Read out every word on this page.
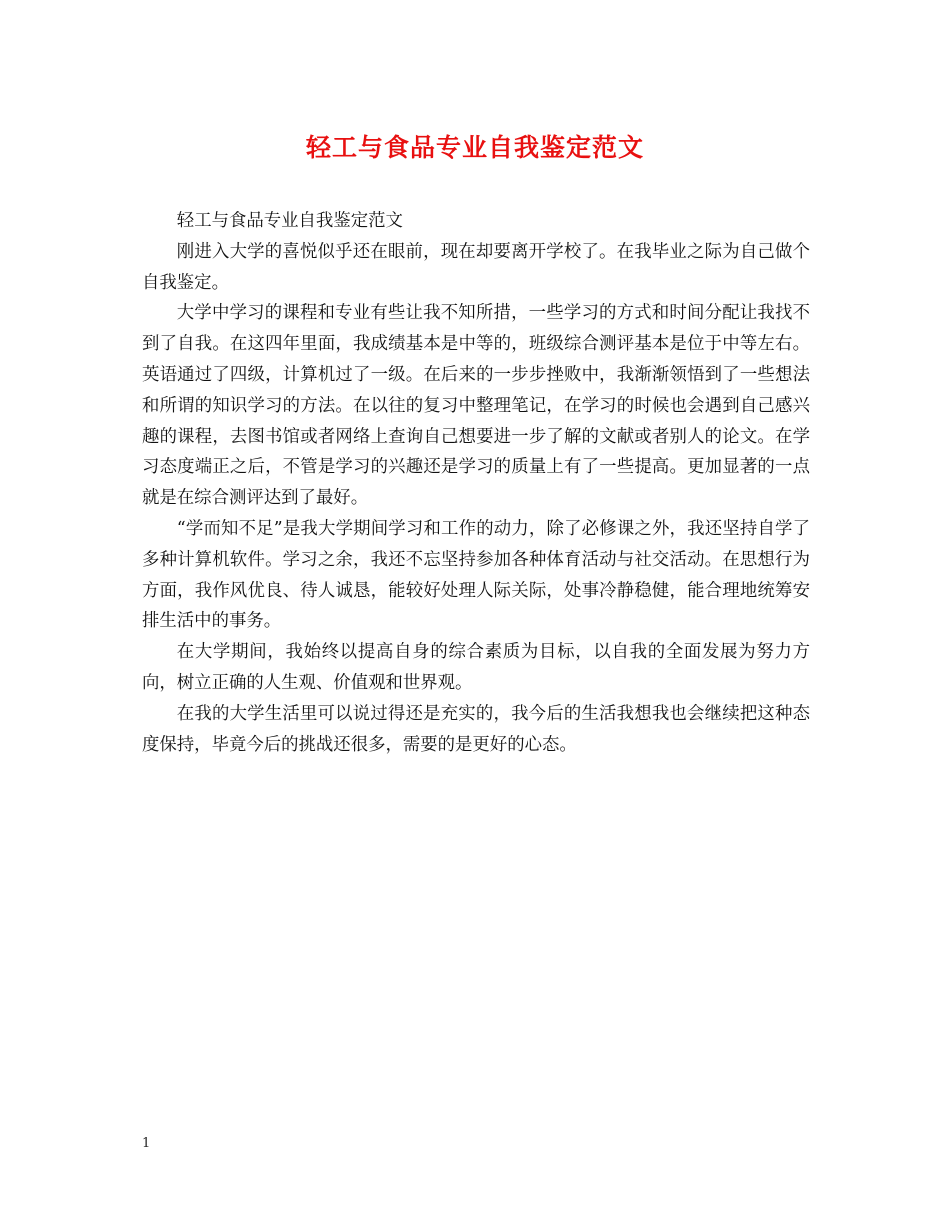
轻工与食品专业自我鉴定范文

轻工与食品专业自我鉴定范文

刚进入大学的喜悦似乎还在眼前，现在却要离开学校了。在我毕业之际为自己做个自我鉴定。

大学中学习的课程和专业有些让我不知所措，一些学习的方式和时间分配让我找不到了自我。在这四年里面，我成绩基本是中等的，班级综合测评基本是位于中等左右。英语通过了四级，计算机过了一级。在后来的一步步挫败中，我渐渐领悟到了一些想法和所谓的知识学习的方法。在以往的复习中整理笔记，在学习的时候也会遇到自己感兴趣的课程，去图书馆或者网络上查询自己想要进一步了解的文献或者别人的论文。在学习态度端正之后，不管是学习的兴趣还是学习的质量上有了一些提高。更加显著的一点就是在综合测评达到了最好。

“学而知不足”是我大学期间学习和工作的动力，除了必修课之外，我还坚持自学了多种计算机软件。学习之余，我还不忘坚持参加各种体育活动与社交活动。在思想行为方面，我作风优良、待人诚恳，能较好处理人际关际，处事冷静稳健，能合理地统筹安排生活中的事务。

在大学期间，我始终以提高自身的综合素质为目标，以自我的全面发展为努力方向，树立正确的人生观、价值观和世界观。

在我的大学生活里可以说过得还是充实的，我今后的生活我想我也会继续把这种态度保持，毕竟今后的挑战还很多，需要的是更好的心态。

1
